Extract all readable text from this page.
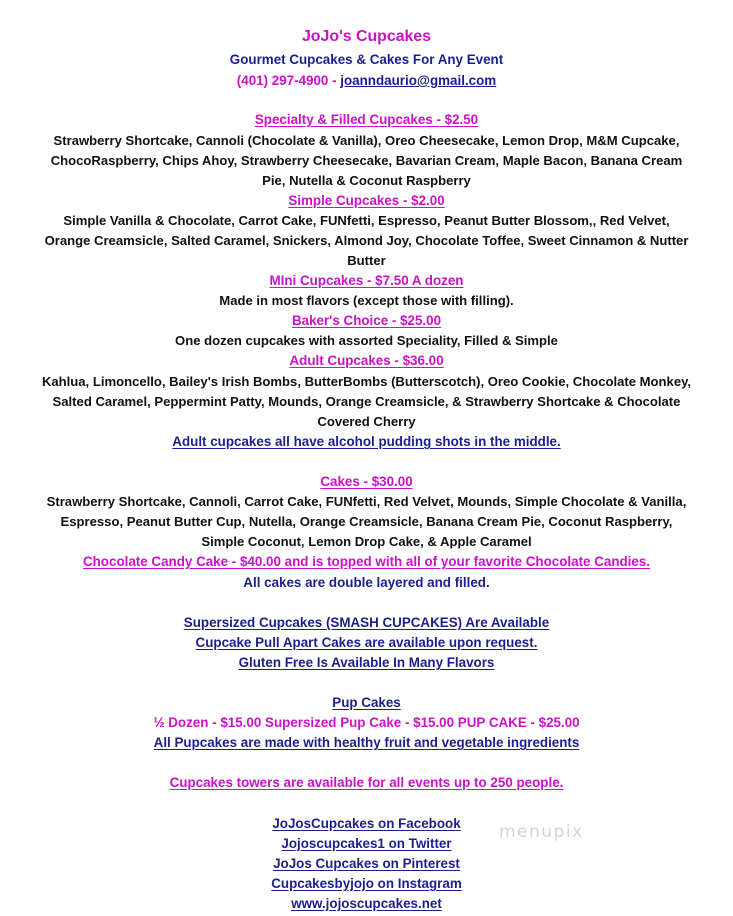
JoJo's Cupcakes
Gourmet Cupcakes & Cakes For Any Event
(401) 297-4900 - joanndaurio@gmail.com
Specialty & Filled Cupcakes - $2.50
Strawberry Shortcake, Cannoli (Chocolate & Vanilla), Oreo Cheesecake, Lemon Drop, M&M Cupcake,
ChocoRaspberry, Chips Ahoy, Strawberry Cheesecake, Bavarian Cream, Maple Bacon, Banana Cream
Pie, Nutella & Coconut Raspberry
Simple Cupcakes - $2.00
Simple Vanilla & Chocolate, Carrot Cake, FUNfetti, Espresso, Peanut Butter Blossom,, Red Velvet,
Orange Creamsicle, Salted Caramel, Snickers, Almond Joy, Chocolate Toffee, Sweet Cinnamon & Nutter
Butter
MIni Cupcakes - $7.50 A dozen
Made in most flavors (except those with filling).
Baker's Choice - $25.00
One dozen cupcakes with assorted Speciality, Filled & Simple
Adult Cupcakes - $36.00
Kahlua, Limoncello, Bailey's Irish Bombs, ButterBombs (Butterscotch), Oreo Cookie, Chocolate Monkey,
Salted Caramel, Peppermint Patty, Mounds, Orange Creamsicle, & Strawberry Shortcake & Chocolate
Covered Cherry
Adult cupcakes all have alcohol pudding shots in the middle.
Cakes - $30.00
Strawberry Shortcake, Cannoli, Carrot Cake, FUNfetti, Red Velvet, Mounds, Simple Chocolate & Vanilla,
Espresso, Peanut Butter Cup, Nutella, Orange Creamsicle, Banana Cream Pie, Coconut Raspberry,
Simple Coconut, Lemon Drop Cake, & Apple Caramel
Chocolate Candy Cake - $40.00 and is topped with all of your favorite Chocolate Candies.
All cakes are double layered and filled.
Supersized Cupcakes (SMASH CUPCAKES) Are Available
Cupcake Pull Apart Cakes are available upon request.
Gluten Free Is Available In Many Flavors
Pup Cakes
½ Dozen - $15.00 Supersized Pup Cake - $15.00 PUP CAKE - $25.00
All Pupcakes are made with healthy fruit and vegetable ingredients
Cupcakes towers are available for all events up to 250 people.
JoJosCupcakes on Facebook
Jojoscupcakes1 on Twitter
JoJos Cupcakes on Pinterest
Cupcakesbyjojo on Instagram
www.jojoscupcakes.net
menupix
